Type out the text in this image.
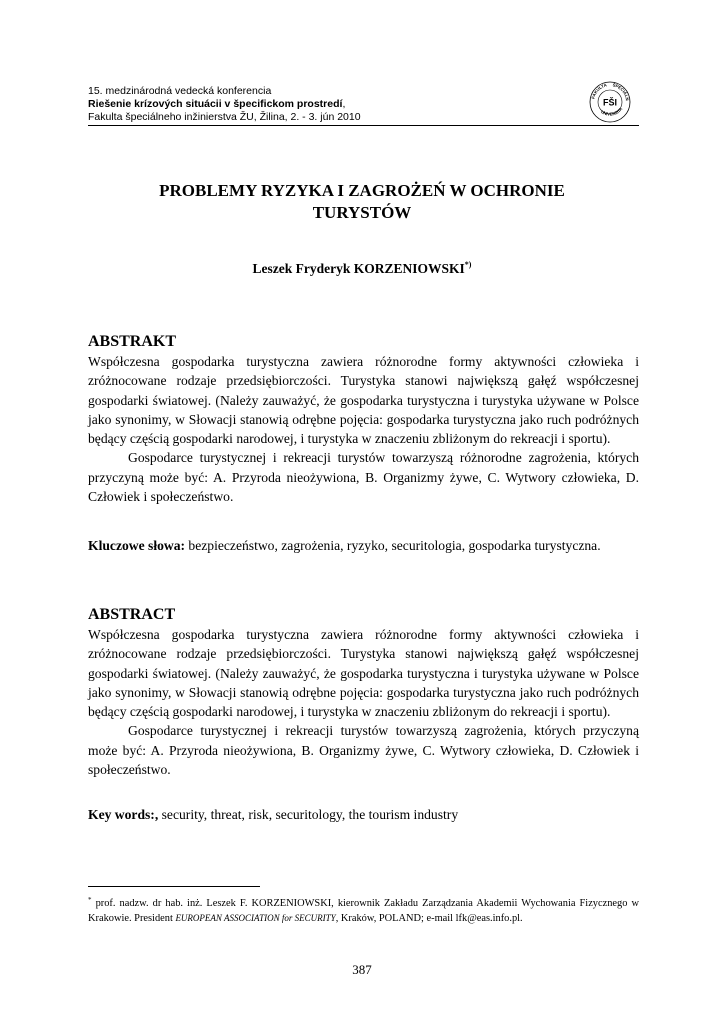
15. medzinárodná vedecká konferencia
Riešenie krízových situácii v špecifickom prostredí,
Fakulta špeciálneho inžinierstva ŽU, Žilina, 2. - 3. jún 2010
FAKULTA	ŠPECIÁLN
UNIVERZITA
FŠI
PROBLEMY RYZYKA I ZAGROŻEŃ W OCHRONIE
TURYSTÓW
Leszek Fryderyk KORZENIOWSKI*)
ABSTRAKT

Współczesna gospodarka turystyczna zawiera różnorodne formy aktywności człowieka i zróżnocowane rodzaje przedsiębiorczości. Turystyka stanowi największą gałęź współczesnej gospodarki światowej. (Należy zauważyć, że gospodarka turystyczna i turystyka używane w Polsce jako synonimy, w Słowacji stanowią odrębne pojęcia: gospodarka turystyczna jako ruch podróżnych będący częścią gospodarki narodowej, i turystyka w znaczeniu zbliżonym do rekreacji i sportu).

Gospodarce turystycznej i rekreacji turystów towarzyszą różnorodne zagrożenia, których przyczyną może być: A. Przyroda nieożywiona, B. Organizmy żywe, C. Wytwory człowieka, D. Człowiek i społeczeństwo.

Kluczowe słowa: bezpieczeństwo, zagrożenia, ryzyko, securitologia, gospodarka turystyczna.
ABSTRACT

Współczesna gospodarka turystyczna zawiera różnorodne formy aktywności człowieka i zróżnocowane rodzaje przedsiębiorczości. Turystyka stanowi największą gałęź współczesnej gospodarki światowej. (Należy zauważyć, że gospodarka turystyczna i turystyka używane w Polsce jako synonimy, w Słowacji stanowią odrębne pojęcia: gospodarka turystyczna jako ruch podróżnych będący częścią gospodarki narodowej, i turystyka w znaczeniu zbliżonym do rekreacji i sportu).

Gospodarce turystycznej i rekreacji turystów towarzyszą zagrożenia, których przyczyną może być: A. Przyroda nieożywiona, B. Organizmy żywe, C. Wytwory człowieka, D. Człowiek i społeczeństwo.

Key words:, security, threat, risk, securitology, the tourism industry
* prof. nadzw. dr hab. inż. Leszek F. KORZENIOWSKI, kierownik Zakładu Zarządzania Akademii Wychowania Fizycznego w Krakowie. President EUROPEAN ASSOCIATION for SECURITY, Kraków, POLAND; e-mail lfk@eas.info.pl.
387
